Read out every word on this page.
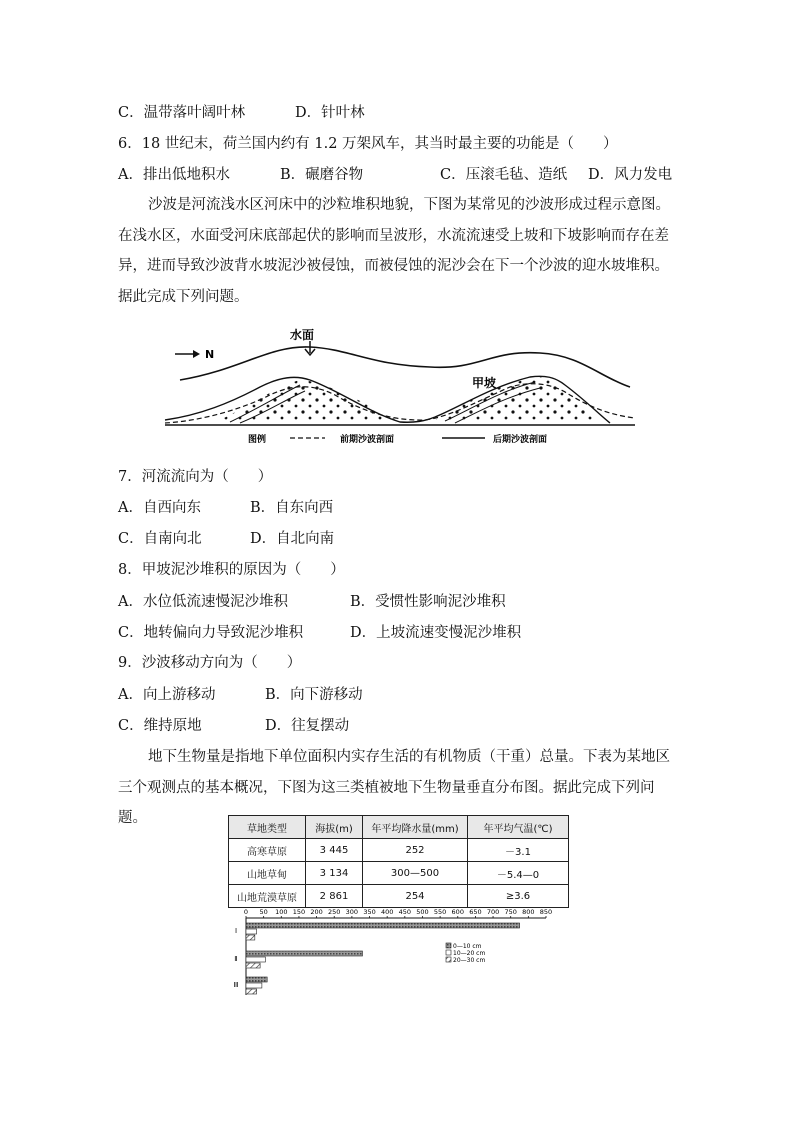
C．温带落叶阔叶林	D．针叶林
6．18 世纪末，荷兰国内约有 1.2 万架风车，其当时最主要的功能是（　　）
A．排出低地积水	B．碾磨谷物	C．压滚毛毡、造纸 D．风力发电
沙波是河流浅水区河床中的沙粒堆积地貌，下图为某常见的沙波形成过程示意图。在浅水区，水面受河床底部起伏的影响而呈波形，水流流速受上坡和下坡影响而存在差异，进而导致沙波背水坡泥沙被侵蚀，而被侵蚀的泥沙会在下一个沙波的迎水坡堆积。据此完成下列问题。
水面
N
甲坡
图例	前期沙波剖面	后期沙波剖面
7．河流流向为（　　）
A．自西向东	B．自东向西
C．自南向北	D．自北向南
8．甲坡泥沙堆积的原因为（　　）
A．水位低流速慢泥沙堆积	B．受惯性影响泥沙堆积
C．地转偏向力导致泥沙堆积	D．上坡流速变慢泥沙堆积
9．沙波移动方向为（　　）
A．向上游移动	B．向下游移动
C．维持原地	D．往复摆动
地下生物量是指地下单位面积内实存生活的有机物质（干重）总量。下表为某地区三个观测点的基本概况，下图为这三类植被地下生物量垂直分布图。据此完成下列问题。
草地类型	海拔(m)	年平均降水量(mm)	年平均气温(℃)
高寒草原	3 445	252	－3.1
山地草甸	3 134	300—500	－5.4—0
山地荒漠草原	2 861	254	≥3.6
0 50 100 150 200 250 300 350 400 450 500 550 600 650 700 750 800 850
Ⅰ
Ⅱ
Ⅲ
0—10 cm
10—20 cm
20—30 cm
